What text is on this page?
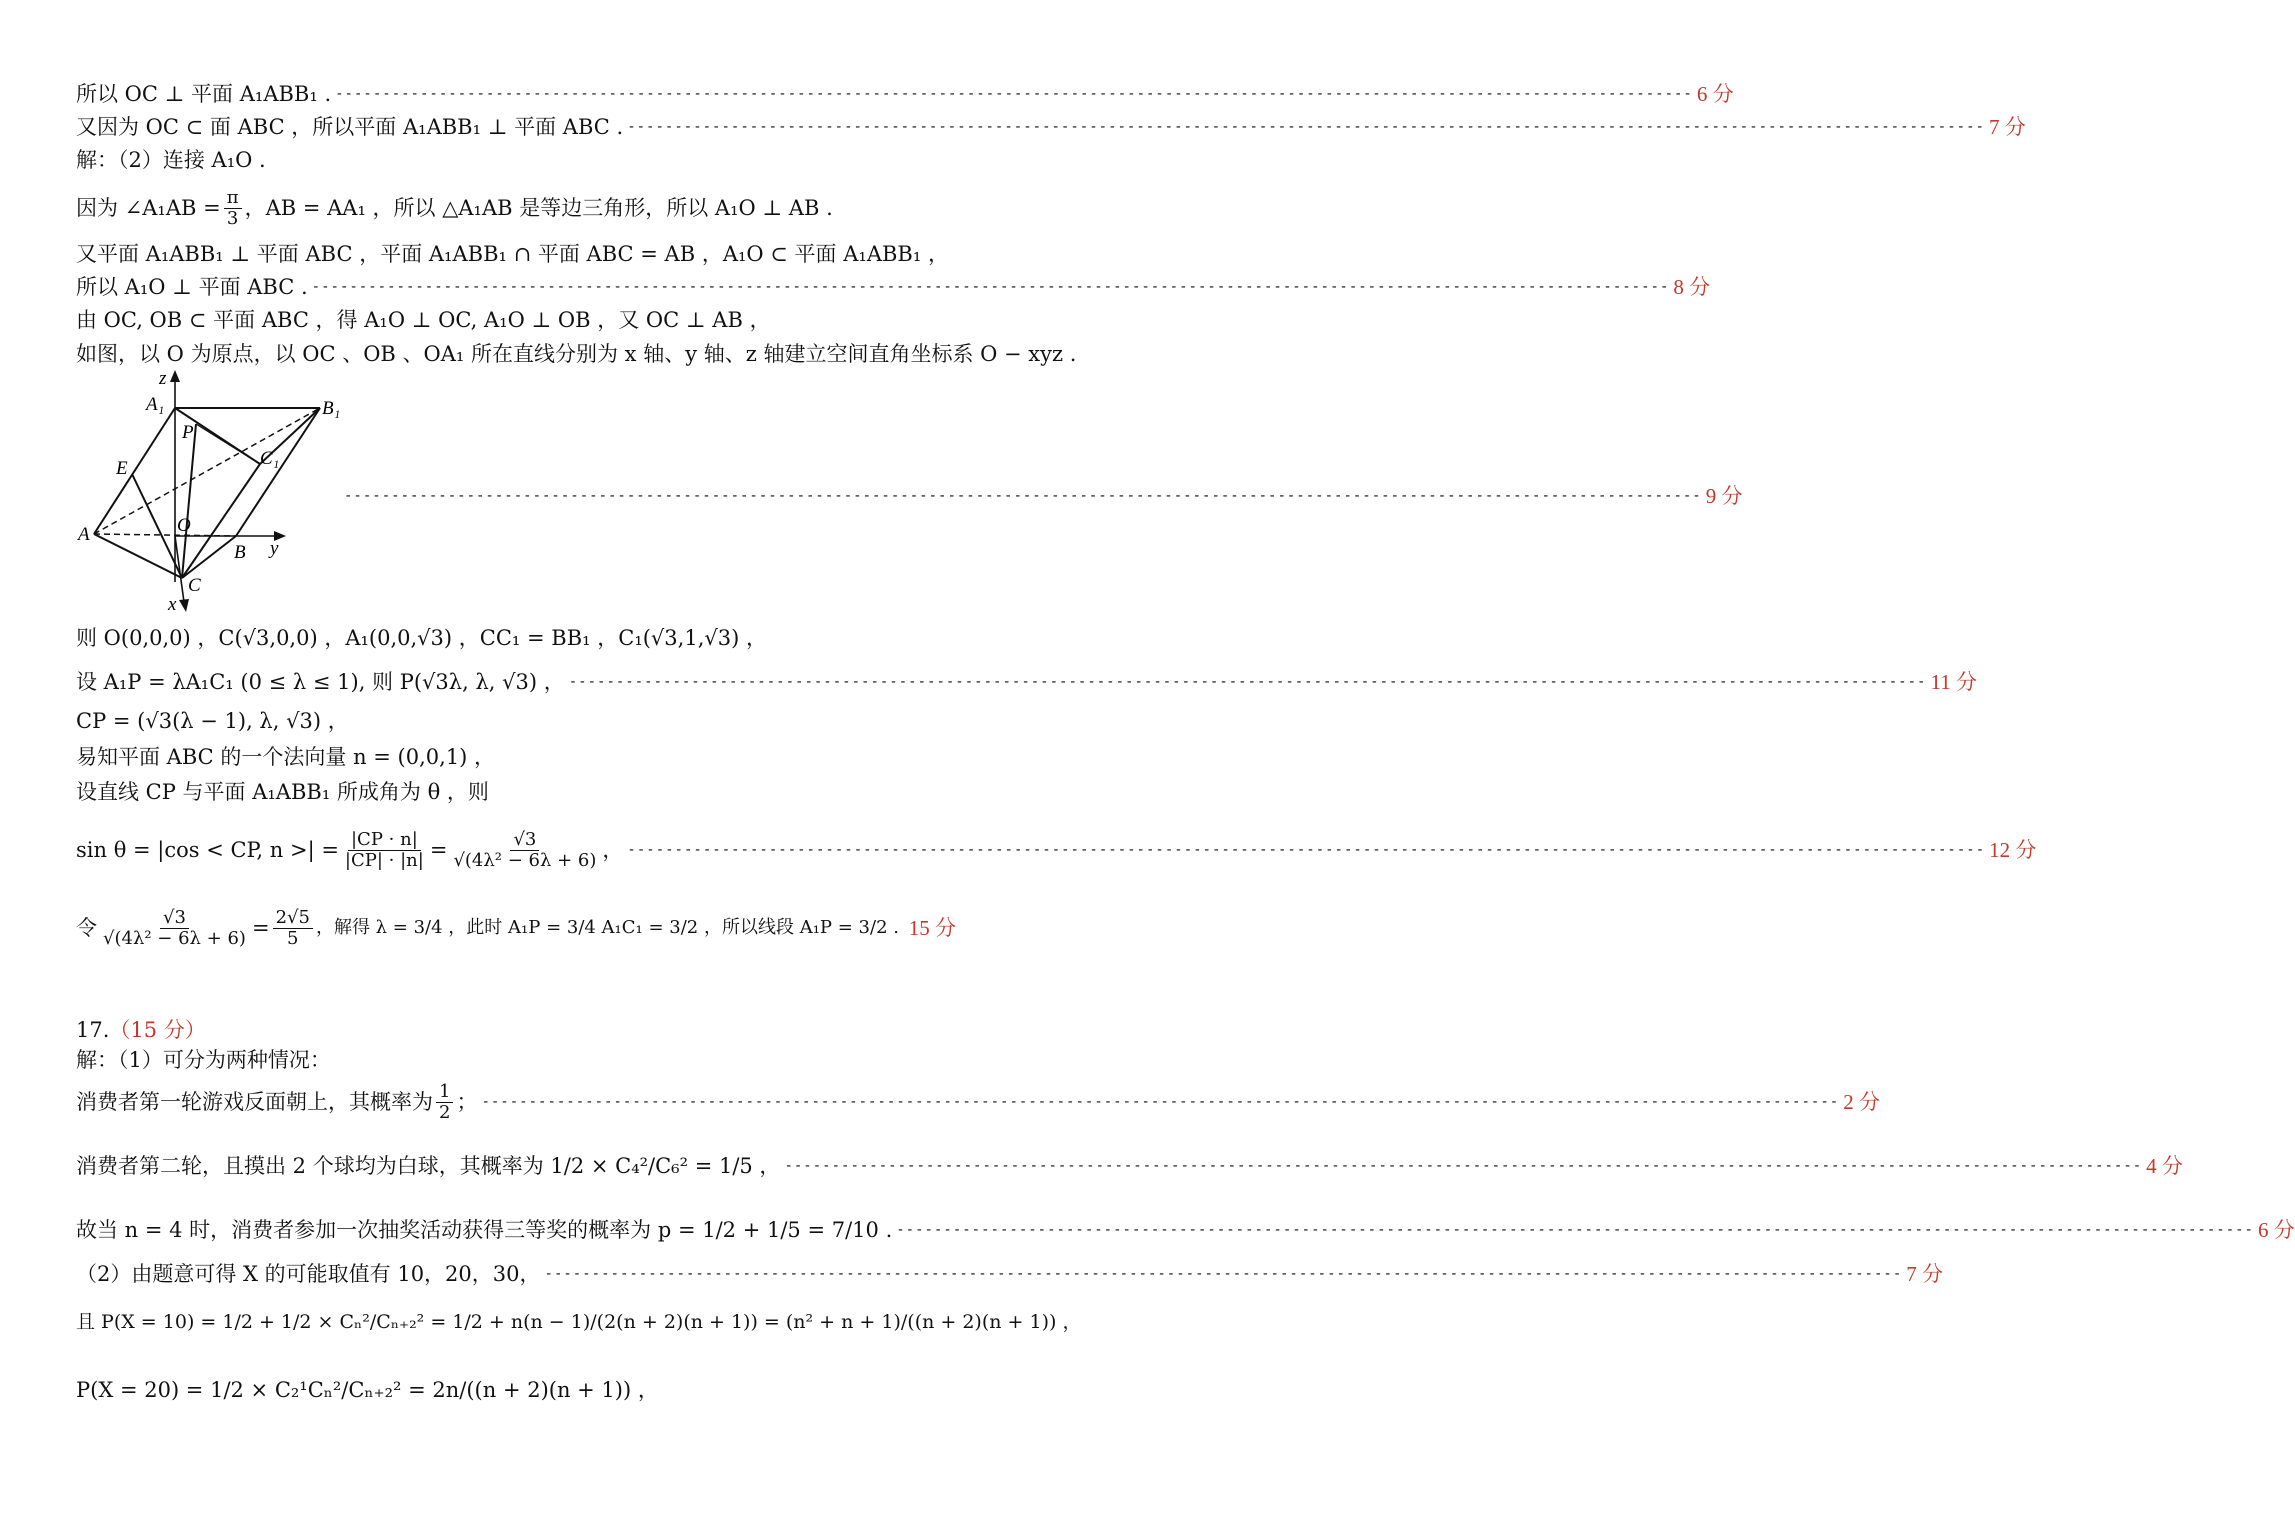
所以 OC ⊥ 平面 A₁ABB₁ . ------------------------------------------------------------------------------------------------------------------------------------------------ 6 分
又因为 OC ⊂ 面 ABC ，所以平面 A₁ABB₁ ⊥ 平面 ABC . ------------------------------------------------------------------------------------------------------------------------------------------------ 7 分
解：（2）连接 A₁O .
因为 ∠A₁AB = $\frac{\pi}{3}$ ，AB = AA₁ ，所以 △A₁AB 是等边三角形，所以 A₁O ⊥ AB .
又平面 A₁ABB₁ ⊥ 平面 ABC ，平面 A₁ABB₁ ∩ 平面 ABC = AB ，A₁O ⊂ 平面 A₁ABB₁ ，
所以 A₁O ⊥ 平面 ABC . ------------------------------------------------------------------------------------------------------------------------------------------------ 8 分
由 OC, OB ⊂ 平面 ABC ，得 A₁O ⊥ OC, A₁O ⊥ OB ，又 OC ⊥ AB ，
如图，以 O 为原点，以 OC 、OB 、OA₁ 所在直线分别为 x 轴、y 轴、z 轴建立空间直角坐标系 O − xyz .
z
A₁	B₁
P
C₁
E
O
A
B y
C
x
------------------------------------------------------------------------------------------------------------------------------------------------ 9 分
则 O(0,0,0) ，C(√3,0,0) ，A₁(0,0,√3) ，CC₁ = BB₁ ，C₁(√3,1,√3) ，
设 A₁P = λA₁C₁ (0 ≤ λ ≤ 1), 则 P(√3λ, λ, √3) ， ------------------------------------------------------------------------------------------------------------------------------------------------ 11 分
CP = (√3(λ − 1), λ, √3) ，
易知平面 ABC 的一个法向量 n = (0,0,1) ，
设直线 CP 与平面 A₁ABB₁ 所成角为 θ ，则
sin θ = |cos < CP, n >| = $\frac{|CP \cdot n|}{|CP| \cdot |n|} = \frac{√3}{\text{√(4λ² − 6λ + 6)}}$ ， ------------------------------------------------------------------------------------------------------------------------------------------------ 12 分
令 $\frac{√3}{\text{√(4λ² − 6λ + 6)}} = \frac{2√5}{5}$ ，解得 λ = 3/4 ，此时 A₁P = 3/4 A₁C₁ = 3/2 ，所以线段 A₁P = 3/2 . 15 分
17. （15 分）
解：（1）可分为两种情况：
消费者第一轮游戏反面朝上，其概率为 $\frac{1}{2}$ ； ------------------------------------------------------------------------------------------------------------------------------------------------ 2 分
消费者第二轮，且摸出 2 个球均为白球，其概率为 1/2 × C₄²/C₆² = 1/5 ， ------------------------------------------------------------------------------------------------------------------------------------------------ 4 分
故当 n = 4 时，消费者参加一次抽奖活动获得三等奖的概率为 p = 1/2 + 1/5 = 7/10 . ------------------------------------------------------------------------------------------------------------------------------------------------ 6 分
（2）由题意可得 X 的可能取值有 10，20，30， ------------------------------------------------------------------------------------------------------------------------------------------------ 7 分
且 P(X = 10) = 1/2 + 1/2 × Cₙ²/Cₙ₊₂² = 1/2 + n(n − 1)/(2(n + 2)(n + 1)) = (n² + n + 1)/((n + 2)(n + 1)) ，
P(X = 20) = 1/2 × C₂¹Cₙ²/Cₙ₊₂² = 2n/((n + 2)(n + 1)) ，
